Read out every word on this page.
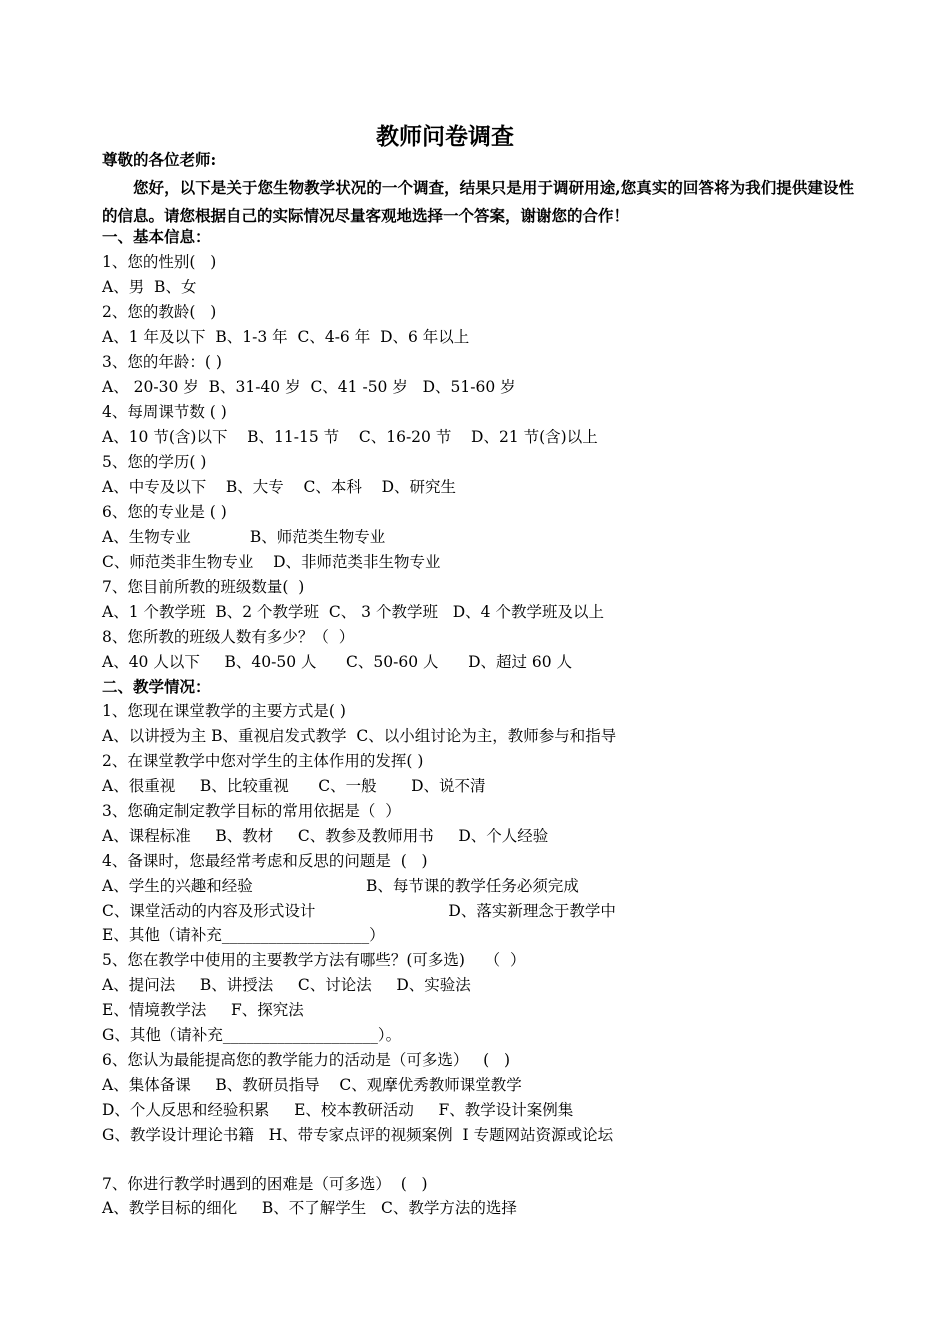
教师问卷调查
尊敬的各位老师:
您好，以下是关于您生物教学状况的一个调查，结果只是用于调研用途,您真实的回答将为我们提供建设性的信息。请您根据自己的实际情况尽量客观地选择一个答案，谢谢您的合作！
一、基本信息：
1、您的性别(   )
A、男  B、女
2、您的教龄(   )
A、1 年及以下  B、1-3 年  C、4-6 年  D、6 年以上
3、您的年龄：( )
A、 20-30 岁  B、31-40 岁  C、41 -50 岁   D、51-60 岁
4、每周课节数 ( )
A、10 节(含)以下    B、11-15 节    C、16-20 节    D、21 节(含)以上
5、您的学历( )
A、中专及以下    B、大专    C、本科    D、研究生
6、您的专业是 ( )
A、生物专业            B、师范类生物专业
C、师范类非生物专业    D、非师范类非生物专业
7、您目前所教的班级数量(  )
A、1 个教学班  B、2 个教学班  C、 3 个教学班   D、4 个教学班及以上
8、您所教的班级人数有多少？（  ）
A、40 人以下     B、40-50 人      C、50-60 人      D、超过 60 人
二、教学情况：
1、您现在课堂教学的主要方式是( )
A、以讲授为主 B、重视启发式教学  C、以小组讨论为主，教师参与和指导
2、在课堂教学中您对学生的主体作用的发挥( )
A、很重视     B、比较重视      C、一般       D、说不清
3、您确定制定教学目标的常用依据是（  ）
A、课程标准     B、教材     C、教参及教师用书     D、个人经验
4、备课时，您最经常考虑和反思的问题是  (   )
A、学生的兴趣和经验                       B、每节课的教学任务必须完成
C、课堂活动的内容及形式设计                           D、落实新理念于教学中
E、其他（请补充___________________）
5、您在教学中使用的主要教学方法有哪些？(可多选)    （  ）
A、提问法     B、讲授法     C、讨论法     D、实验法
E、情境教学法     F、探究法
G、其他（请补充____________________）。
6、您认为最能提高您的教学能力的活动是（可多选）   (   )
A、集体备课     B、教研员指导    C、观摩优秀教师课堂教学
D、个人反思和经验积累     E、校本教研活动     F、教学设计案例集
G、教学设计理论书籍   H、带专家点评的视频案例  I 专题网站资源或论坛
7、你进行教学时遇到的困难是（可多选）  (   )
A、教学目标的细化     B、不了解学生   C、教学方法的选择
